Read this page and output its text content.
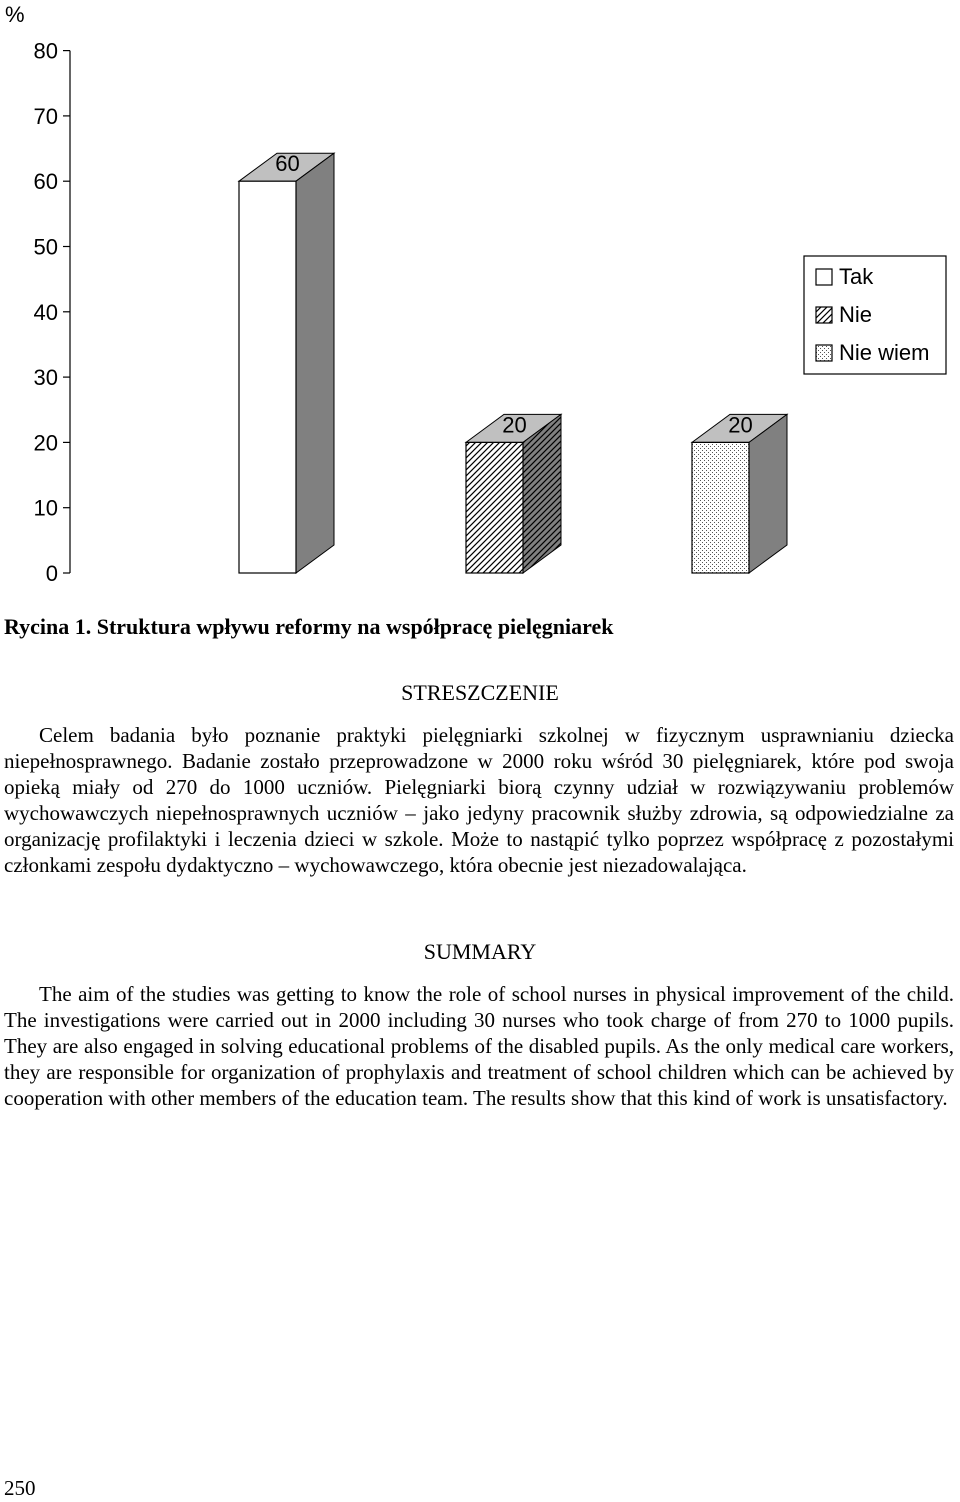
%
0
10
20
30
40
50
60
70
80
60
20	20
Tak
Nie
Nie wiem
Rycina 1. Struktura wpływu reformy na współpracę pielęgniarek
STRESZCZENIE

Celem badania było poznanie praktyki pielęgniarki szkolnej w fizycznym usprawnianiu dziecka niepełnosprawnego. Badanie zostało przeprowadzone w 2000 roku wśród 30 pielęgniarek, które pod swoja opieką miały od 270 do 1000 uczniów. Pielęgniarki biorą czynny udział w rozwiązywaniu problemów wychowawczych niepełnosprawnych uczniów – jako jedyny pracownik służby zdrowia, są odpowiedzialne za organizację profilaktyki i leczenia dzieci w szkole. Może to nastąpić tylko poprzez współpracę z pozostałymi członkami zespołu dydaktyczno – wychowawczego, która obecnie jest niezadowalająca.

SUMMARY

The aim of the studies was getting to know the role of school nurses in physical improvement of the child. The investigations were carried out in 2000 including 30 nurses who took charge of from 270 to 1000 pupils. They are also engaged in solving educational problems of the disabled pupils. As the only medical care workers, they are responsible for organization of prophylaxis and treatment of school children which can be achieved by cooperation with other members of the education team. The results show that this kind of work is unsatisfactory.

250
